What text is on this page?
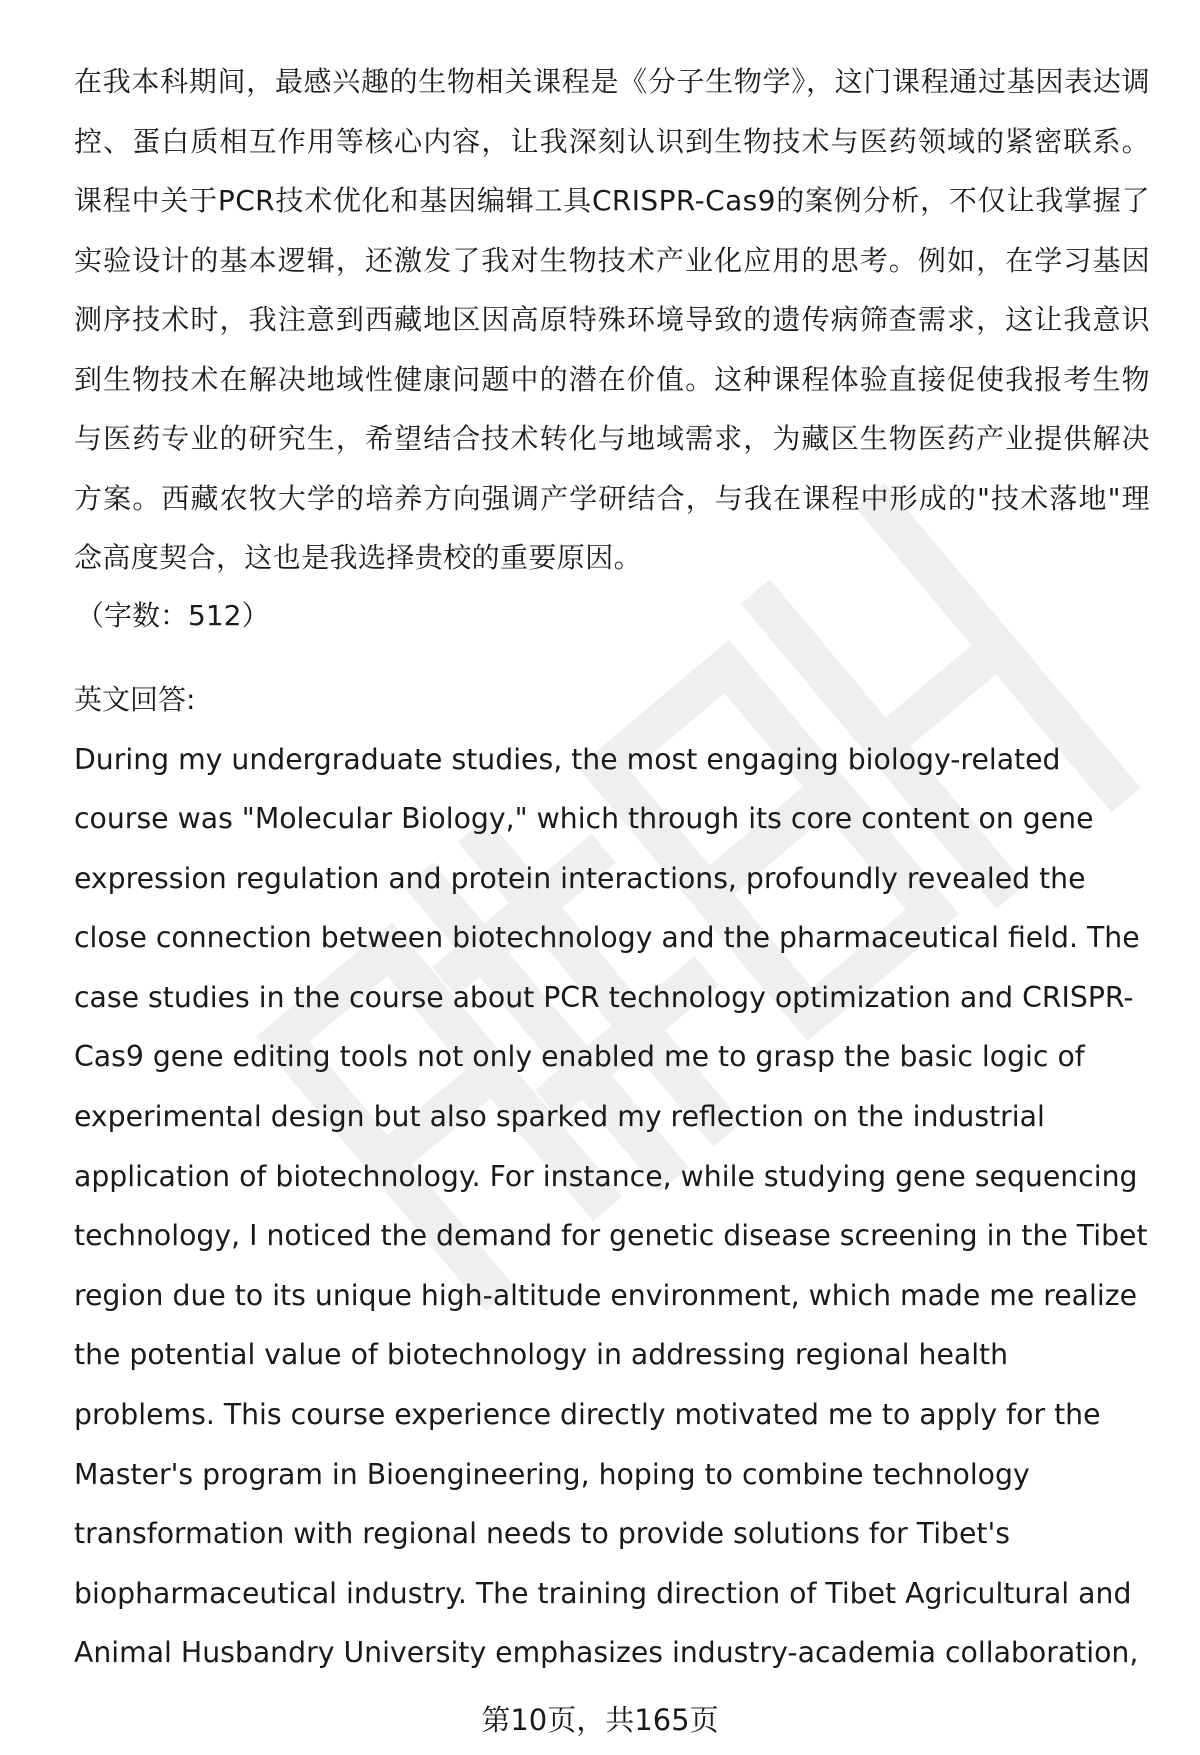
在我本科期间，最感兴趣的生物相关课程是《分子生物学》，这门课程通过基因表达调控、蛋白质相互作用等核心内容，让我深刻认识到生物技术与医药领域的紧密联系。课程中关于PCR技术优化和基因编辑工具CRISPR-Cas9的案例分析，不仅让我掌握了实验设计的基本逻辑，还激发了我对生物技术产业化应用的思考。例如，在学习基因测序技术时，我注意到西藏地区因高原特殊环境导致的遗传病筛查需求，这让我意识到生物技术在解决地域性健康问题中的潜在价值。这种课程体验直接促使我报考生物与医药专业的研究生，希望结合技术转化与地域需求，为藏区生物医药产业提供解决方案。西藏农牧大学的培养方向强调产学研结合，与我在课程中形成的"技术落地"理念高度契合，这也是我选择贵校的重要原因。

（字数：512）

英文回答:

During my undergraduate studies, the most engaging biology-related course was "Molecular Biology," which through its core content on gene expression regulation and protein interactions, profoundly revealed the close connection between biotechnology and the pharmaceutical field. The case studies in the course about PCR technology optimization and CRISPR-Cas9 gene editing tools not only enabled me to grasp the basic logic of experimental design but also sparked my reflection on the industrial application of biotechnology. For instance, while studying gene sequencing technology, I noticed the demand for genetic disease screening in the Tibet region due to its unique high-altitude environment, which made me realize the potential value of biotechnology in addressing regional health problems. This course experience directly motivated me to apply for the Master's program in Bioengineering, hoping to combine technology transformation with regional needs to provide solutions for Tibet's biopharmaceutical industry. The training direction of Tibet Agricultural and Animal Husbandry University emphasizes industry-academia collaboration,

第10页，共165页
